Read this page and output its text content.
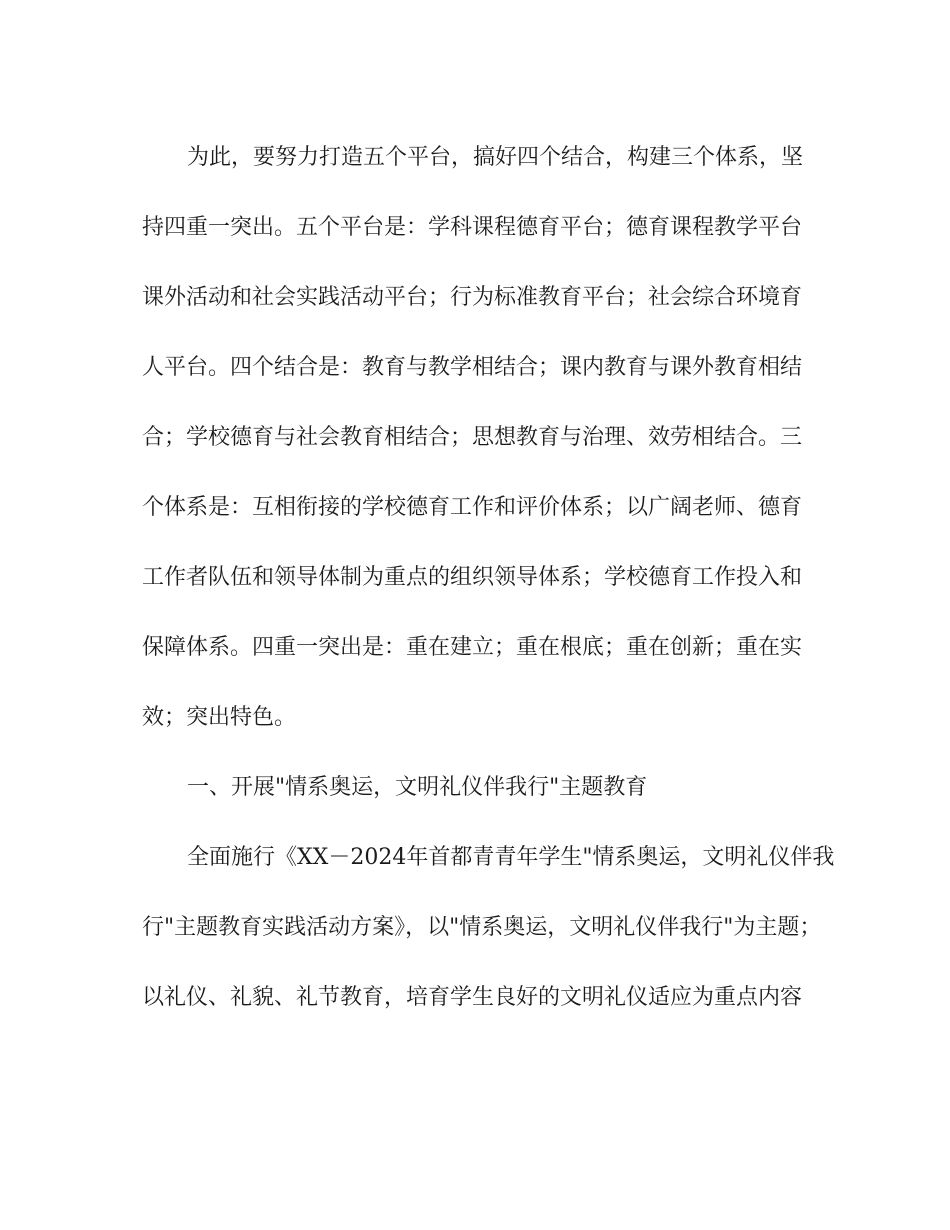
为此，要努力打造五个平台，搞好四个结合，构建三个体系，坚
持四重一突出。五个平台是：学科课程德育平台；德育课程教学平台
课外活动和社会实践活动平台；行为标准教育平台；社会综合环境育
人平台。四个结合是：教育与教学相结合；课内教育与课外教育相结
合；学校德育与社会教育相结合；思想教育与治理、效劳相结合。三
个体系是：互相衔接的学校德育工作和评价体系；以广阔老师、德育
工作者队伍和领导体制为重点的组织领导体系；学校德育工作投入和
保障体系。四重一突出是：重在建立；重在根底；重在创新；重在实
效；突出特色。
一、开展"情系奥运，文明礼仪伴我行"主题教育
全面施行《XX－2024年首都青青年学生"情系奥运，文明礼仪伴我
行"主题教育实践活动方案》，以"情系奥运，文明礼仪伴我行"为主题；
以礼仪、礼貌、礼节教育，培育学生良好的文明礼仪适应为重点内容
